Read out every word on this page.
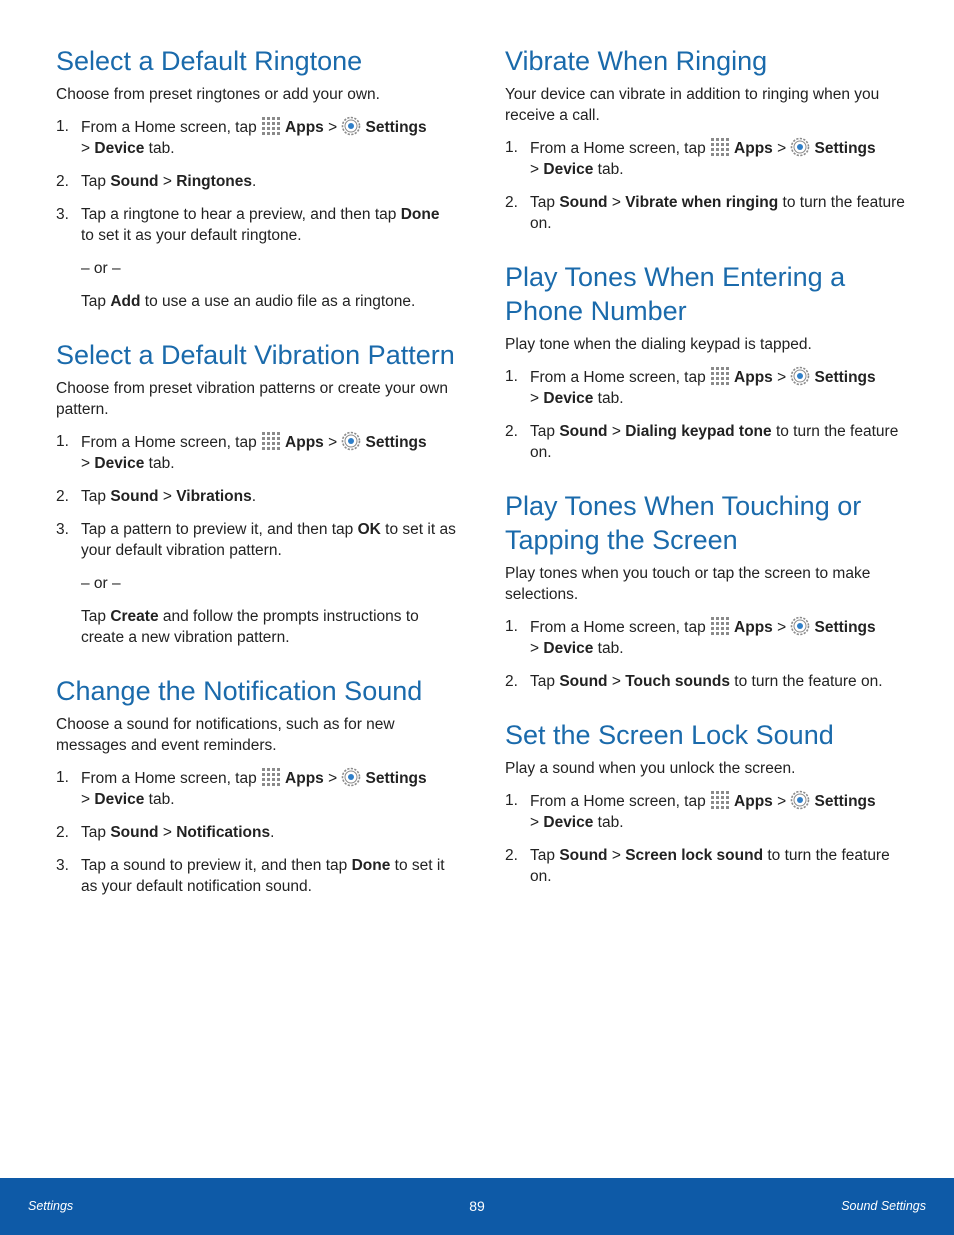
Select a Default Ringtone

Choose from preset ringtones or add your own.

1. From a Home screen, tap Apps > Settings
> Device tab.
2. Tap Sound > Ringtones.
3. Tap a ringtone to hear a preview, and then tap Done to set it as your default ringtone.

– or –

Tap Add to use a use an audio file as a ringtone.

Select a Default Vibration Pattern

Choose from preset vibration patterns or create your own pattern.

1. From a Home screen, tap Apps > Settings
> Device tab.
2. Tap Sound > Vibrations.
3. Tap a pattern to preview it, and then tap OK to set it as your default vibration pattern.

– or –

Tap Create and follow the prompts instructions to create a new vibration pattern.

Change the Notification Sound

Choose a sound for notifications, such as for new messages and event reminders.

1. From a Home screen, tap Apps > Settings
> Device tab.
2. Tap Sound > Notifications.
3. Tap a sound to preview it, and then tap Done to set it as your default notification sound.
Vibrate When Ringing

Your device can vibrate in addition to ringing when you receive a call.

1. From a Home screen, tap Apps > Settings
> Device tab.
2. Tap Sound > Vibrate when ringing to turn the feature on.
Play Tones When Entering a Phone Number

Play tone when the dialing keypad is tapped.

1. From a Home screen, tap Apps > Settings
> Device tab.
2. Tap Sound > Dialing keypad tone to turn the feature on.
Play Tones When Touching or Tapping the Screen

Play tones when you touch or tap the screen to make selections.

1. From a Home screen, tap Apps > Settings
> Device tab.
2. Tap Sound > Touch sounds to turn the feature on.
Set the Screen Lock Sound

Play a sound when you unlock the screen.

1. From a Home screen, tap Apps > Settings
> Device tab.
2. Tap Sound > Screen lock sound to turn the feature on.
Settings	89	Sound Settings
